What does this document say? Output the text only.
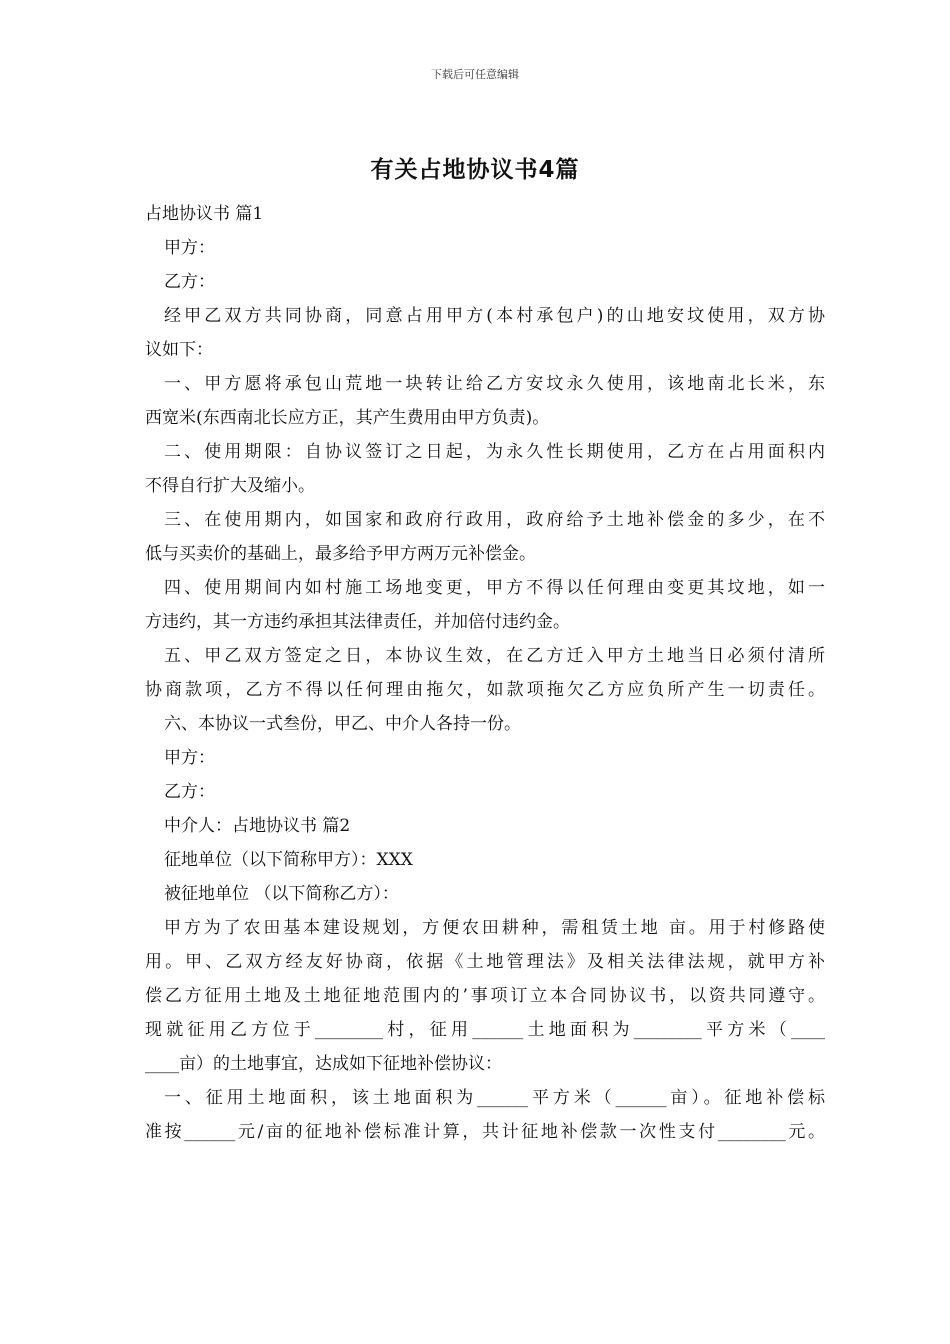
下载后可任意编辑
有关占地协议书4篇
占地协议书 篇1
甲方：
乙方：
经甲乙双方共同协商，同意占用甲方(本村承包户)的山地安坟使用，双方协
议如下：
一、甲方愿将承包山荒地一块转让给乙方安坟永久使用，该地南北长米，东
西宽米(东西南北长应方正，其产生费用由甲方负责)。
二、使用期限：自协议签订之日起，为永久性长期使用，乙方在占用面积内
不得自行扩大及缩小。
三、在使用期内，如国家和政府行政用，政府给予土地补偿金的多少，在不
低与买卖价的基础上，最多给予甲方两万元补偿金。
四、使用期间内如村施工场地变更，甲方不得以任何理由变更其坟地，如一
方违约，其一方违约承担其法律责任，并加倍付违约金。
五、甲乙双方签定之日，本协议生效，在乙方迁入甲方土地当日必须付清所
协商款项，乙方不得以任何理由拖欠，如款项拖欠乙方应负所产生一切责任。
六、本协议一式叁份，甲乙、中介人各持一份。
甲方：
乙方：
中介人：占地协议书 篇2
征地单位（以下简称甲方）：XXX
被征地单位 （以下简称乙方）：
甲方为了农田基本建设规划，方便农田耕种，需租赁土地 亩。用于村修路使
用。甲、乙双方经友好协商，依据《土地管理法》及相关法律法规，就甲方补
偿乙方征用土地及土地征地范围内的’事项订立本合同协议书，以资共同遵守。
现就征用乙方位于________村，征用______土地面积为________平方米（____
____亩）的土地事宜，达成如下征地补偿协议：
一、征用土地面积，该土地面积为______平方米（______亩）。征地补偿标
准按______元/亩的征地补偿标准计算，共计征地补偿款一次性支付________元。
